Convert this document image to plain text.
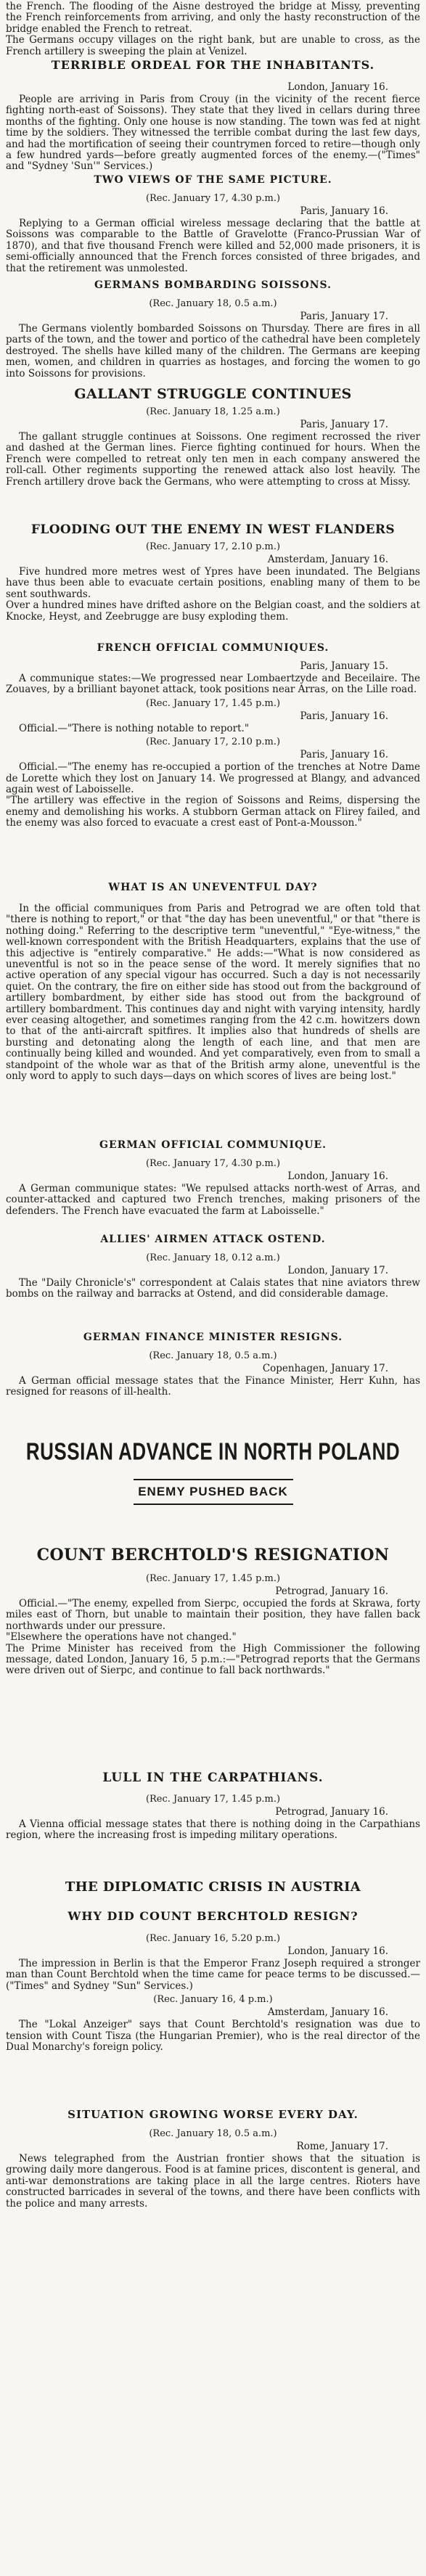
the French. The flooding of the Aisne destroyed the bridge at Missy, preventing the French reinforcements from arriving, and only the hasty reconstruction of the bridge enabled the French to retreat.
The Germans occupy villages on the right bank, but are unable to cross, as the French artillery is sweeping the plain at Venizel.

TERRIBLE ORDEAL FOR THE INHABITANTS.
London, January 16.

People are arriving in Paris from Crouy (in the vicinity of the recent fierce fighting north-east of Soissons). They state that they lived in cellars during three months of the fighting. Only one house is now standing. The town was fed at night time by the soldiers. They witnessed the terrible combat during the last few days, and had the mortification of seeing their countrymen forced to retire—though only a few hundred yards—before greatly augmented forces of the enemy.—("Times" and "Sydney 'Sun'" Services.)

TWO VIEWS OF THE SAME PICTURE.
(Rec. January 17, 4.30 p.m.)
Paris, January 16.

Replying to a German official wireless message declaring that the battle at Soissons was comparable to the Battle of Gravelotte (Franco-Prussian War of 1870), and that five thousand French were killed and 52,000 made prisoners, it is semi-officially announced that the French forces consisted of three brigades, and that the retirement was unmolested.

GERMANS BOMBARDING SOISSONS.
(Rec. January 18, 0.5 a.m.)
Paris, January 17.

The Germans violently bombarded Soissons on Thursday. There are fires in all parts of the town, and the tower and portico of the cathedral have been completely destroyed. The shells have killed many of the children. The Germans are keeping men, women, and children in quarries as hostages, and forcing the women to go into Soissons for provisions.

GALLANT STRUGGLE CONTINUES
(Rec. January 18, 1.25 a.m.)
Paris, January 17.

The gallant struggle continues at Soissons. One regiment recrossed the river and dashed at the German lines. Fierce fighting continued for hours. When the French were compelled to retreat only ten men in each company answered the roll-call. Other regiments supporting the renewed attack also lost heavily. The French artillery drove back the Germans, who were attempting to cross at Missy.

FLOODING OUT THE ENEMY IN WEST FLANDERS
(Rec. January 17, 2.10 p.m.)
Amsterdam, January 16.

Five hundred more metres west of Ypres have been inundated. The Belgians have thus been able to evacuate certain positions, enabling many of them to be sent southwards.
Over a hundred mines have drifted ashore on the Belgian coast, and the soldiers at Knocke, Heyst, and Zeebrugge are busy exploding them.

FRENCH OFFICIAL COMMUNIQUES.
Paris, January 15.

A communique states:—We progressed near Lombaertzyde and Beceilaire. The Zouaves, by a brilliant bayonet attack, took positions near Arras, on the Lille road.

(Rec. January 17, 1.45 p.m.)
Paris, January 16.

Official.—"There is nothing notable to report."

(Rec. January 17, 2.10 p.m.)
Paris, January 16.

Official.—"The enemy has re-occupied a portion of the trenches at Notre Dame de Lorette which they lost on January 14. We progressed at Blangy, and advanced again west of Laboisselle.
"The artillery was effective in the region of Soissons and Reims, dispersing the enemy and demolishing his works. A stubborn German attack on Flirey failed, and the enemy was also forced to evacuate a crest east of Pont-a-Mousson."

WHAT IS AN UNEVENTFUL DAY?

In the official communiques from Paris and Petrograd we are often told that "there is nothing to report," or that "the day has been uneventful," or that "there is nothing doing." Referring to the descriptive term "uneventful," "Eye-witness," the well-known correspondent with the British Headquarters, explains that the use of this adjective is "entirely comparative." He adds:—"What is now considered as uneventful is not so in the peace sense of the word. It merely signifies that no active operation of any special vigour has occurred. Such a day is not necessarily quiet. On the contrary, the fire on either side has stood out from the background of artillery bombardment, by either side has stood out from the background of artillery bombardment. This continues day and night with varying intensity, hardly ever ceasing altogether, and sometimes ranging from the 42 c.m. howitzers down to that of the anti-aircraft spitfires. It implies also that hundreds of shells are bursting and detonating along the length of each line, and that men are continually being killed and wounded. And yet comparatively, even from to small a standpoint of the whole war as that of the British army alone, uneventful is the only word to apply to such days—days on which scores of lives are being lost."

GERMAN OFFICIAL COMMUNIQUE.
(Rec. January 17, 4.30 p.m.)
London, January 16.

A German communique states: "We repulsed attacks north-west of Arras, and counter-attacked and captured two French trenches, making prisoners of the defenders. The French have evacuated the farm at Laboisselle."

ALLIES' AIRMEN ATTACK OSTEND.
(Rec. January 18, 0.12 a.m.)
London, January 17.

The "Daily Chronicle's" correspondent at Calais states that nine aviators threw bombs on the railway and barracks at Ostend, and did considerable damage.

GERMAN FINANCE MINISTER RESIGNS.
(Rec. January 18, 0.5 a.m.)
Copenhagen, January 17.

A German official message states that the Finance Minister, Herr Kuhn, has resigned for reasons of ill-health.

RUSSIAN ADVANCE IN NORTH POLAND
ENEMY PUSHED BACK
COUNT BERCHTOLD'S RESIGNATION
(Rec. January 17, 1.45 p.m.)
Petrograd, January 16.

Official.—"The enemy, expelled from Sierpc, occupied the fords at Skrawa, forty miles east of Thorn, but unable to maintain their position, they have fallen back northwards under our pressure.
"Elsewhere the operations have not changed."
The Prime Minister has received from the High Commissioner the following message, dated London, January 16, 5 p.m.:—"Petrograd reports that the Germans were driven out of Sierpc, and continue to fall back northwards."

LULL IN THE CARPATHIANS.
(Rec. January 17, 1.45 p.m.)
Petrograd, January 16.

A Vienna official message states that there is nothing doing in the Carpathians region, where the increasing frost is impeding military operations.

THE DIPLOMATIC CRISIS IN AUSTRIA
WHY DID COUNT BERCHTOLD RESIGN?
(Rec. January 16, 5.20 p.m.)
London, January 16.

The impression in Berlin is that the Emperor Franz Joseph required a stronger man than Count Berchtold when the time came for peace terms to be discussed.—("Times" and Sydney "Sun" Services.)

(Rec. January 16, 4 p.m.)
Amsterdam, January 16.

The "Lokal Anzeiger" says that Count Berchtold's resignation was due to tension with Count Tisza (the Hungarian Premier), who is the real director of the Dual Monarchy's foreign policy.

SITUATION GROWING WORSE EVERY DAY.
(Rec. January 18, 0.5 a.m.)
Rome, January 17.

News telegraphed from the Austrian frontier shows that the situation is growing daily more dangerous. Food is at famine prices, discontent is general, and anti-war demonstrations are taking place in all the large centres. Rioters have constructed barricades in several of the towns, and there have been conflicts with the police and many arrests.
